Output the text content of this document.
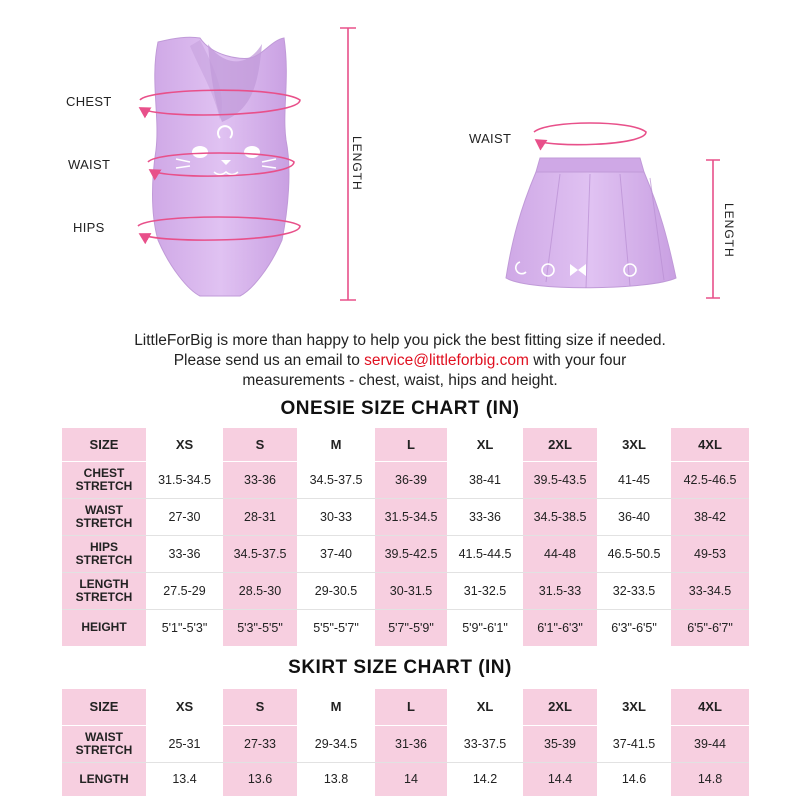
CHEST
WAIST
HIPS
LENGTH	WAIST
LENGTH
LittleForBig is more than happy to help you pick the best fitting size if needed.
Please send us an email to service@littleforbig.com with your four
measurements - chest, waist, hips and height.
ONESIE SIZE CHART (IN)
SIZE	XS	S	M	L	XL	2XL	3XL	4XL

CHEST
STRETCH	31.5-34.5	33-36	34.5-37.5	36-39	38-41	39.5-43.5	41-45	42.5-46.5

WAIST
STRETCH	27-30	28-31	30-33	31.5-34.5	33-36	34.5-38.5	36-40	38-42

HIPS
STRETCH	33-36	34.5-37.5	37-40	39.5-42.5	41.5-44.5	44-48	46.5-50.5	49-53

LENGTH
STRETCH	27.5-29	28.5-30	29-30.5	30-31.5	31-32.5	31.5-33	32-33.5	33-34.5

HEIGHT	5'1"-5'3"	5'3"-5'5"	5'5"-5'7"	5'7"-5'9"	5'9"-6'1"	6'1"-6'3"	6'3"-6'5"	6'5"-6'7"
SKIRT SIZE CHART (IN)
SIZE	XS	S	M	L	XL	2XL	3XL	4XL

WAIST
STRETCH	25-31	27-33	29-34.5	31-36	33-37.5	35-39	37-41.5	39-44

LENGTH	13.4	13.6	13.8	14	14.2	14.4	14.6	14.8
